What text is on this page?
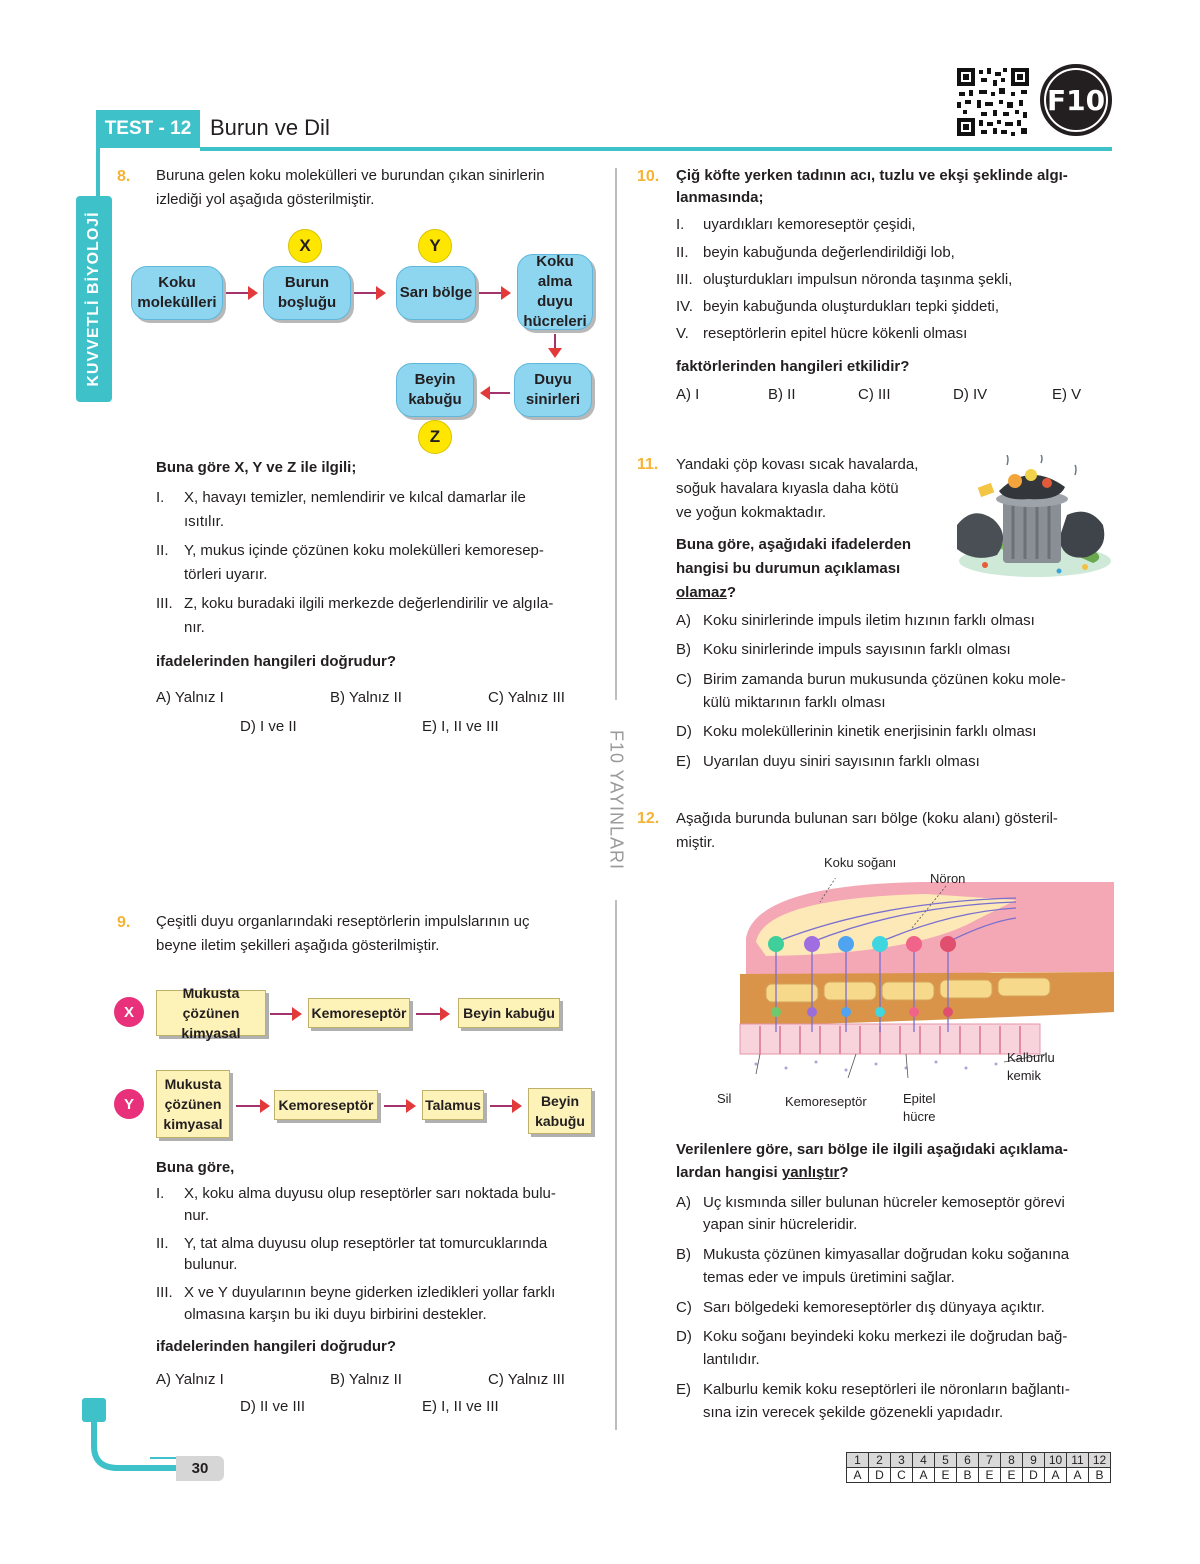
TEST - 12 Burun ve Dil
F10
KUVVETLİ BİYOLOJİ
F10 YAYINLARI
8. Buruna gelen koku molekülleri ve burundan çıkan sinirlerin
izlediği yol aşağıda gösterilmiştir.
X	Y
Koku molekülleri
Burun boşluğu
Sarı bölge
Koku alma duyu hücreleri
Duyu sinirleri
Beyin kabuğu
Z
Buna göre X, Y ve Z ile ilgili;
I. X, havayı temizler, nemlendirir ve kılcal damarlar ile
ısıtılır.
II. Y, mukus içinde çözünen koku molekülleri kemoresep-
törleri uyarır.
III. Z, koku buradaki ilgili merkezde değerlendirilir ve algıla-
nır.
ifadelerinden hangileri doğrudur?
A) Yalnız I	B) Yalnız II	C) Yalnız III
D) I ve II	E) I, II ve III
9. Çeşitli duyu organlarındaki reseptörlerin impulslarının uç
beyne iletim şekilleri aşağıda gösterilmiştir.
X
Mukusta çözünen kimyasal
Kemoreseptör	Beyin kabuğu
Y
Mukusta çözünen kimyasal
Kemoreseptör	Talamus	Beyin kabuğu
Buna göre,
I. X, koku alma duyusu olup reseptörler sarı noktada bulu-
nur.
II. Y, tat alma duyusu olup reseptörler tat tomurcuklarında
bulunur.
III. X ve Y duyularının beyne giderken izledikleri yollar farklı
olmasına karşın bu iki duyu birbirini destekler.
ifadelerinden hangileri doğrudur?
A) Yalnız I	B) Yalnız II	C) Yalnız III
D) II ve III	E) I, II ve III
10. Çiğ köfte yerken tadının acı, tuzlu ve ekşi şeklinde algı-
lanmasında;
I. uyardıkları kemoreseptör çeşidi,
II. beyin kabuğunda değerlendirildiği lob,
III. oluşturdukları impulsun nöronda taşınma şekli,
IV. beyin kabuğunda oluşturdukları tepki şiddeti,
V. reseptörlerin epitel hücre kökenli olması
faktörlerinden hangileri etkilidir?
A) I	B) II	C) III	D) IV	E) V
11. Yandaki çöp kovası sıcak havalarda,
soğuk havalara kıyasla daha kötü
ve yoğun kokmaktadır.
Buna göre, aşağıdaki ifadelerden
hangisi bu durumun açıklaması
olamaz?
A) Koku sinirlerinde impuls iletim hızının farklı olması
B) Koku sinirlerinde impuls sayısının farklı olması
C) Birim zamanda burun mukusunda çözünen koku mole-
külü miktarının farklı olması
D) Koku moleküllerinin kinetik enerjisinin farklı olması
E) Uyarılan duyu siniri sayısının farklı olması
12. Aşağıda burunda bulunan sarı bölge (koku alanı) gösteril-
miştir.
Koku soğanı
Nöron
Kalburlu
kemik
Sil	Kemoreseptör	Epitel
hücre
Verilenlere göre, sarı bölge ile ilgili aşağıdaki açıklama-
lardan hangisi yanlıştır?
A) Uç kısmında siller bulunan hücreler kemoseptör görevi
yapan sinir hücreleridir.
B) Mukusta çözünen kimyasallar doğrudan koku soğanına
temas eder ve impuls üretimini sağlar.
C) Sarı bölgedeki kemoreseptörler dış dünyaya açıktır.
D) Koku soğanı beyindeki koku merkezi ile doğrudan bağ-
lantılıdır.
E) Kalburlu kemik koku reseptörleri ile nöronların bağlantı-
sına izin verecek şekilde gözenekli yapıdadır.
30	1	2	3	4	5	6	7	8	9	10	11	12
A	D	C	A	E	B	E	E	D	A	A	B
